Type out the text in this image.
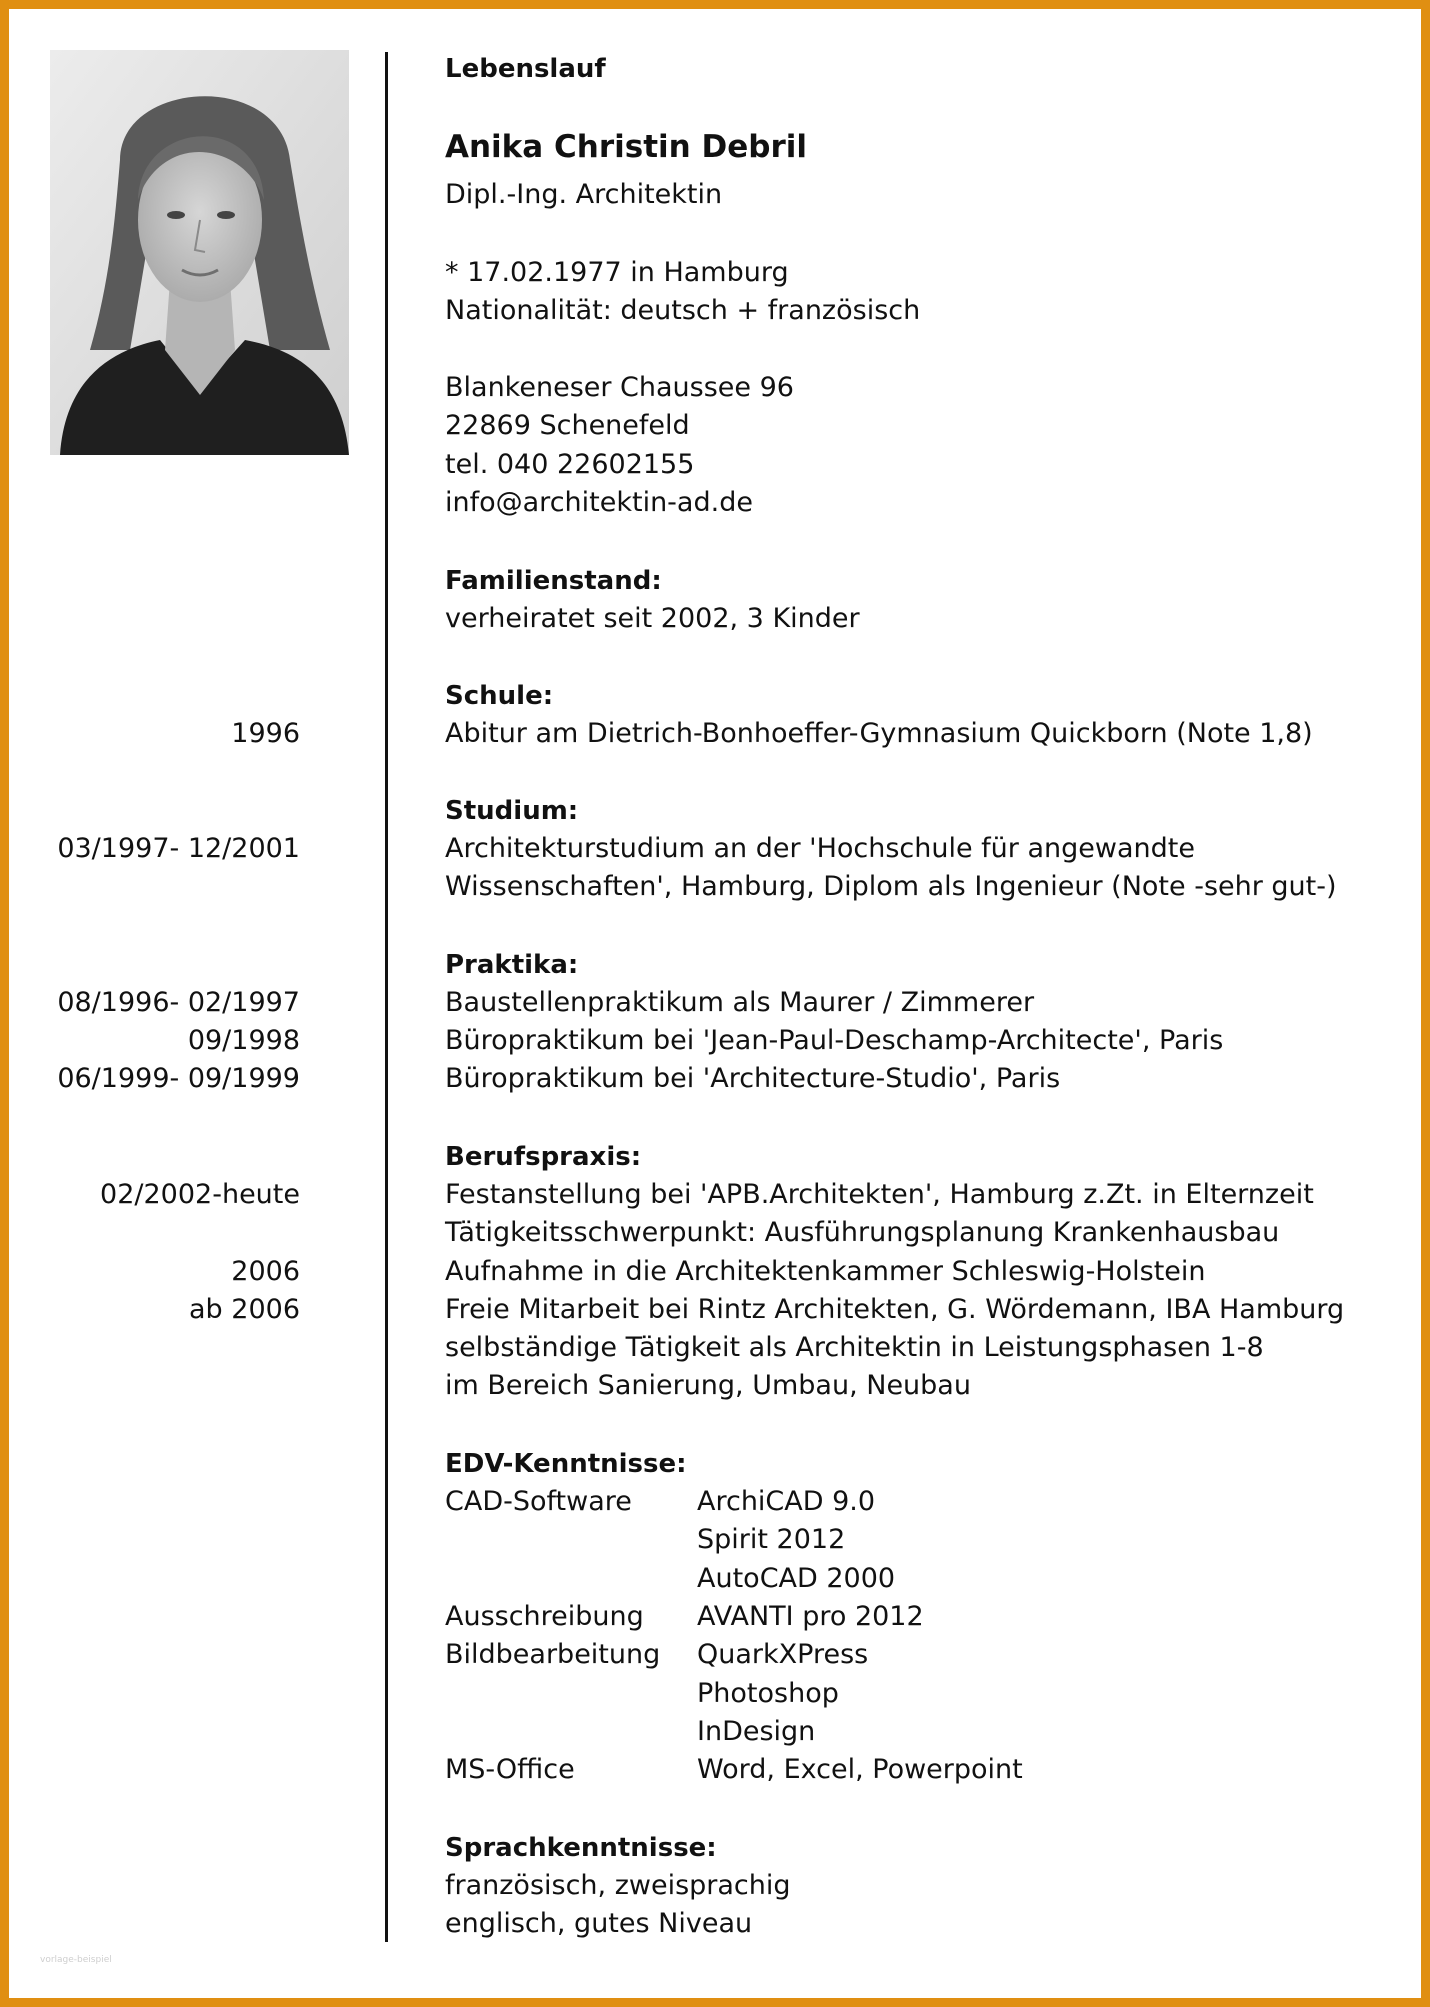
Lebenslauf
Anika Christin Debril
Dipl.-Ing. Architektin
* 17.02.1977 in Hamburg
Nationalität: deutsch + französisch
Blankeneser Chaussee 96
22869 Schenefeld
tel. 040 22602155
info@architektin-ad.de
Familienstand:
verheiratet seit 2002, 3 Kinder
Schule:
1996	Abitur am Dietrich-Bonhoeffer-Gymnasium Quickborn (Note 1,8)
Studium:
03/1997- 12/2001	Architekturstudium an der 'Hochschule für angewandte
Wissenschaften', Hamburg, Diplom als Ingenieur (Note -sehr gut-)
Praktika:
08/1996- 02/1997	Baustellenpraktikum als Maurer / Zimmerer
09/1998	Büropraktikum bei 'Jean-Paul-Deschamp-Architecte', Paris
06/1999- 09/1999	Büropraktikum bei 'Architecture-Studio', Paris
Berufspraxis:
02/2002-heute	Festanstellung bei 'APB.Architekten', Hamburg z.Zt. in Elternzeit
Tätigkeitsschwerpunkt: Ausführungsplanung Krankenhausbau
2006	Aufnahme in die Architektenkammer Schleswig-Holstein
ab 2006	Freie Mitarbeit bei Rintz Architekten, G. Wördemann, IBA Hamburg
selbständige Tätigkeit als Architektin in Leistungsphasen 1-8
im Bereich Sanierung, Umbau, Neubau
EDV-Kenntnisse:
CAD-Software ArchiCAD 9.0
Spirit 2012
AutoCAD 2000
Ausschreibung AVANTI pro 2012
Bildbearbeitung QuarkXPress
Photoshop
InDesign
MS-Office	Word, Excel, Powerpoint
Sprachkenntnisse:
französisch, zweisprachig
englisch, gutes Niveau
vorlage-beispiel
